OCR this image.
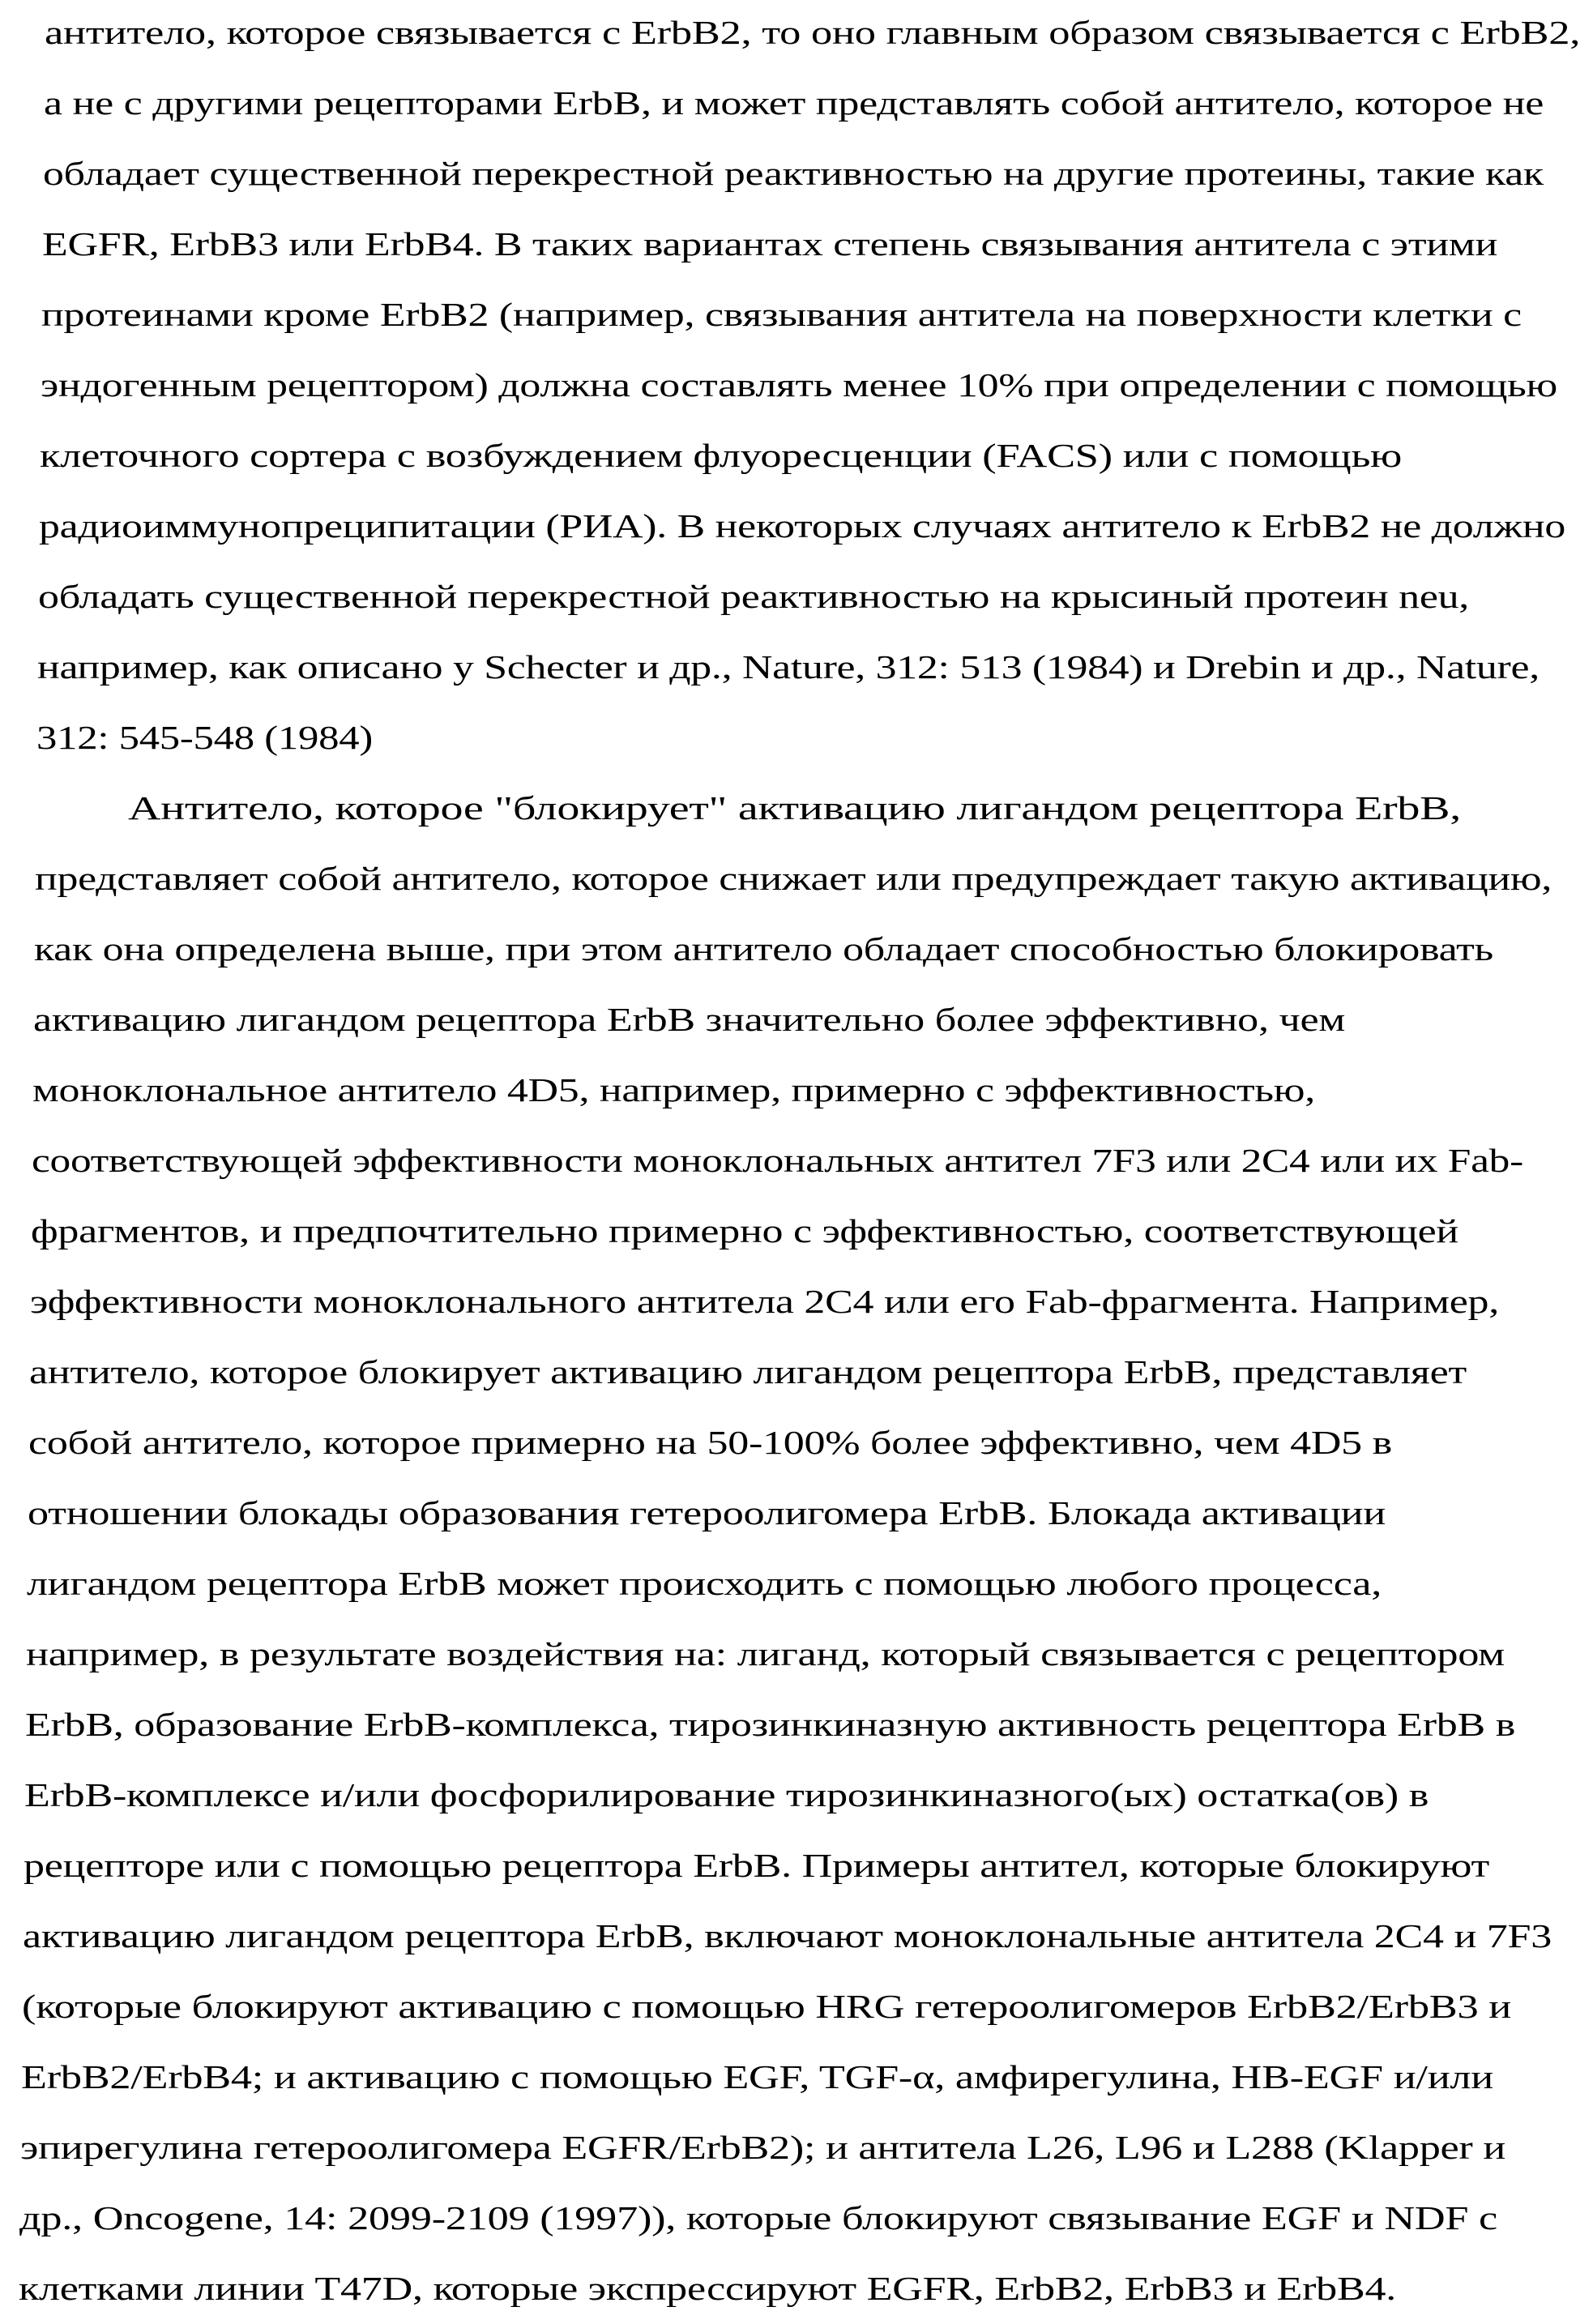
антитело, которое связывается с ErbB2, то оно главным образом связывается с ErbB2,
а не с другими рецепторами ErbB, и может представлять собой антитело, которое не
обладает существенной перекрестной реактивностью на другие протеины, такие как
EGFR, ErbB3 или ErbB4. В таких вариантах степень связывания антитела с этими
протеинами кроме ErbB2 (например, связывания антитела на поверхности клетки с
эндогенным рецептором) должна составлять менее 10% при определении с помощью
клеточного сортера с возбуждением флуоресценции (FACS) или с помощью
радиоиммунопреципитации (РИА). В некоторых случаях антитело к ErbB2 не должно
обладать существенной перекрестной реактивностью на крысиный протеин neu,
например, как описано у Schecter и др., Nature, 312: 513 (1984) и Drebin и др., Nature,
312: 545-548 (1984)
Антитело, которое "блокирует" активацию лигандом рецептора ErbB,
представляет собой антитело, которое снижает или предупреждает такую активацию,
как она определена выше, при этом антитело обладает способностью блокировать
активацию лигандом рецептора ErbB значительно более эффективно, чем
моноклональное антитело 4D5, например, примерно с эффективностью,
соответствующей эффективности моноклональных антител 7F3 или 2C4 или их Fab-
фрагментов, и предпочтительно примерно с эффективностью, соответствующей
эффективности моноклонального антитела 2C4 или его Fab-фрагмента. Например,
антитело, которое блокирует активацию лигандом рецептора ErbB, представляет
собой антитело, которое примерно на 50-100% более эффективно, чем 4D5 в
отношении блокады образования гетероолигомера ErbB. Блокада активации
лигандом рецептора ErbB может происходить с помощью любого процесса,
например, в результате воздействия на: лиганд, который связывается с рецептором
ErbB, образование ErbB-комплекса, тирозинкиназную активность рецептора ErbB в
ErbB-комплексе и/или фосфорилирование тирозинкиназного(ых) остатка(ов) в
рецепторе или с помощью рецептора ErbB. Примеры антител, которые блокируют
активацию лигандом рецептора ErbB, включают моноклональные антитела 2C4 и 7F3
(которые блокируют активацию с помощью HRG гетероолигомеров ErbB2/ErbB3 и
ErbB2/ErbB4; и активацию с помощью EGF, TGF-α, амфирегулина, HB-EGF и/или
эпирегулина гетероолигомера EGFR/ErbB2); и антитела L26, L96 и L288 (Klapper и
др., Oncogene, 14: 2099-2109 (1997)), которые блокируют связывание EGF и NDF с
клетками линии T47D, которые экспрессируют EGFR, ErbB2, ErbB3 и ErbB4.
